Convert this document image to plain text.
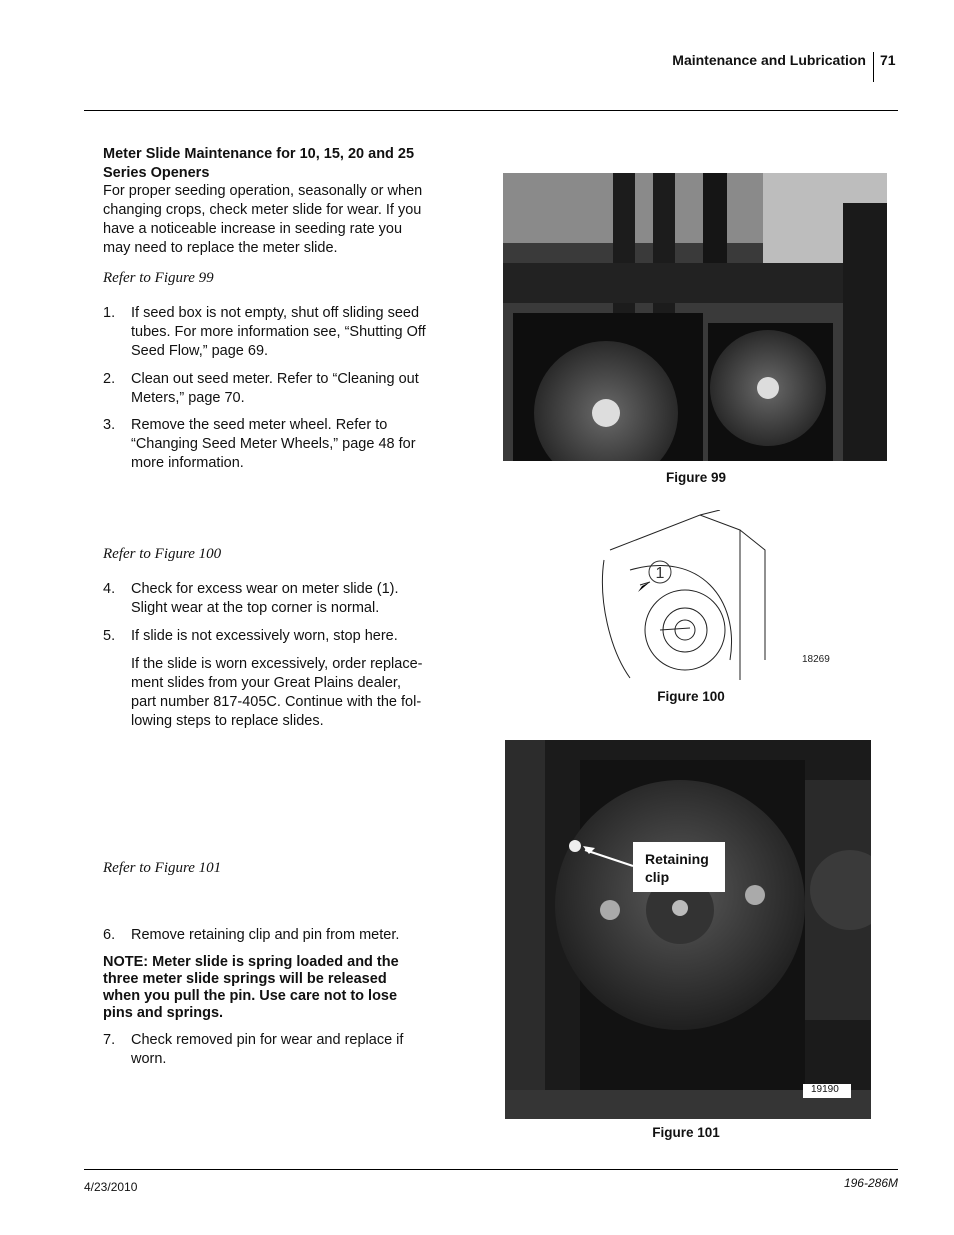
Maintenance and Lubrication 71
Meter Slide Maintenance for 10, 15, 20 and 25
Series Openers
For proper seeding operation, seasonally or when
changing crops, check meter slide for wear. If you
have a noticeable increase in seeding rate you
may need to replace the meter slide.
Refer to Figure 99
1. If seed box is not empty, shut off sliding seed
tubes. For more information see, “Shutting Off
Seed Flow,” page 69.
2. Clean out seed meter. Refer to “Cleaning out
Meters,” page 70.
3. Remove the seed meter wheel. Refer to
“Changing Seed Meter Wheels,” page 48 for
more information.
Refer to Figure 100
4. Check for excess wear on meter slide (1).
Slight wear at the top corner is normal.
5. If slide is not excessively worn, stop here.
If the slide is worn excessively, order replace-
ment slides from your Great Plains dealer,
part number 817-405C. Continue with the fol-
lowing steps to replace slides.
Refer to Figure 101
6. Remove retaining clip and pin from meter.
NOTE: Meter slide is spring loaded and the
three meter slide springs will be released
when you pull the pin. Use care not to lose
pins and springs.
7. Check removed pin for wear and replace if
worn.
Figure 99
1
18269
Figure 100
Retaining
clip
19190
Figure 101
4/23/2010	196-286M
